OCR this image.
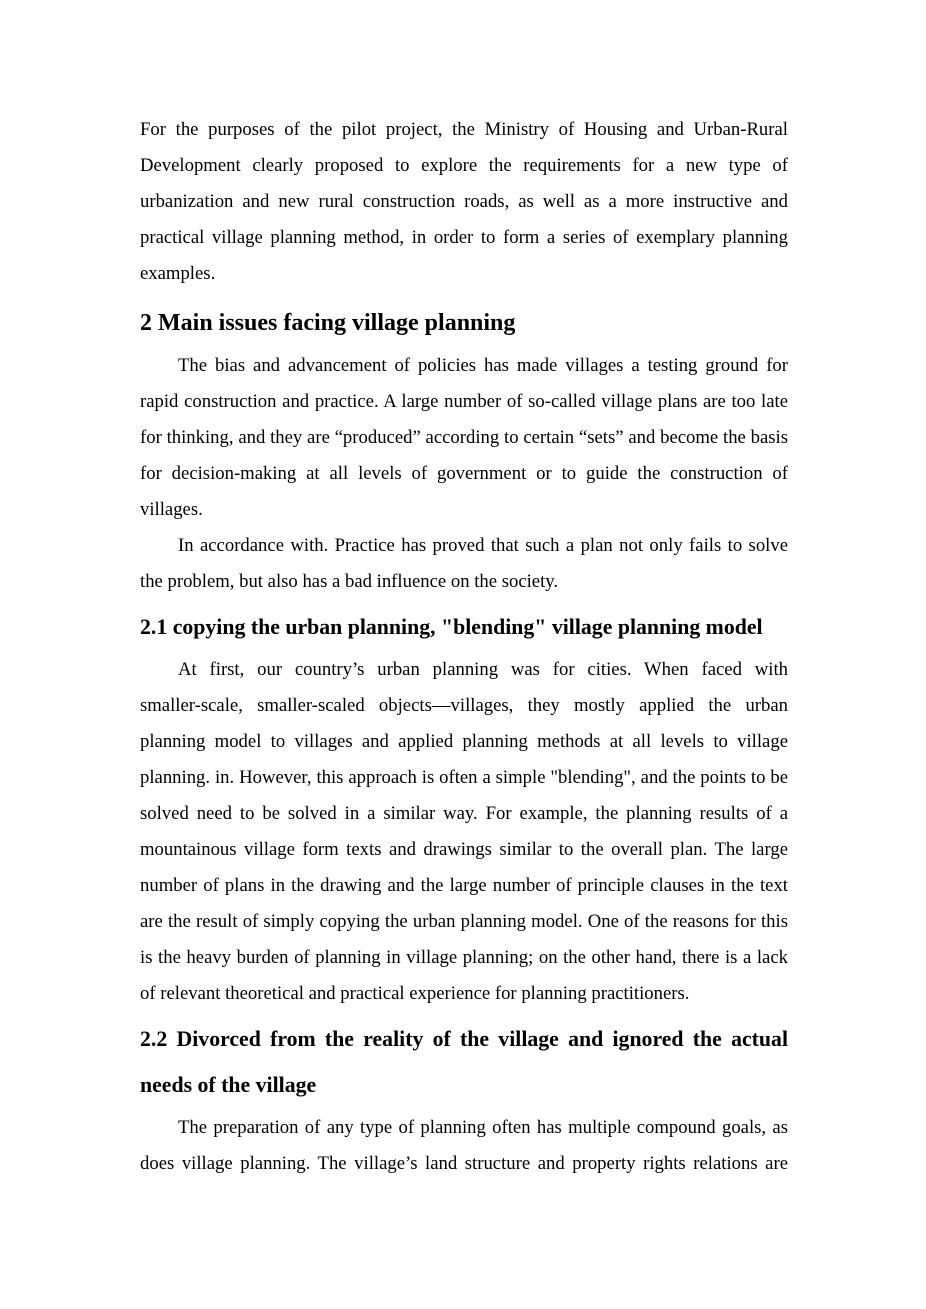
For the purposes of the pilot project, the Ministry of Housing and Urban-Rural
Development clearly proposed to explore the requirements for a new type of
urbanization and new rural construction roads, as well as a more instructive and
practical village planning method, in order to form a series of exemplary planning
examples.
2 Main issues facing village planning
The bias and advancement of policies has made villages a testing ground for
rapid construction and practice. A large number of so-called village plans are too late
for thinking, and they are “produced” according to certain “sets” and become the basis
for decision-making at all levels of government or to guide the construction of
villages.
In accordance with. Practice has proved that such a plan not only fails to solve
the problem, but also has a bad influence on the society.
2.1 copying the urban planning, "blending" village planning model
At first, our country’s urban planning was for cities. When faced with
smaller-scale, smaller-scaled objects—villages, they mostly applied the urban
planning model to villages and applied planning methods at all levels to village
planning. in. However, this approach is often a simple "blending", and the points to be
solved need to be solved in a similar way. For example, the planning results of a
mountainous village form texts and drawings similar to the overall plan. The large
number of plans in the drawing and the large number of principle clauses in the text
are the result of simply copying the urban planning model. One of the reasons for this
is the heavy burden of planning in village planning; on the other hand, there is a lack
of relevant theoretical and practical experience for planning practitioners.
2.2 Divorced from the reality of the village and ignored the actual
needs of the village
The preparation of any type of planning often has multiple compound goals, as
does village planning. The village’s land structure and property rights relations are
